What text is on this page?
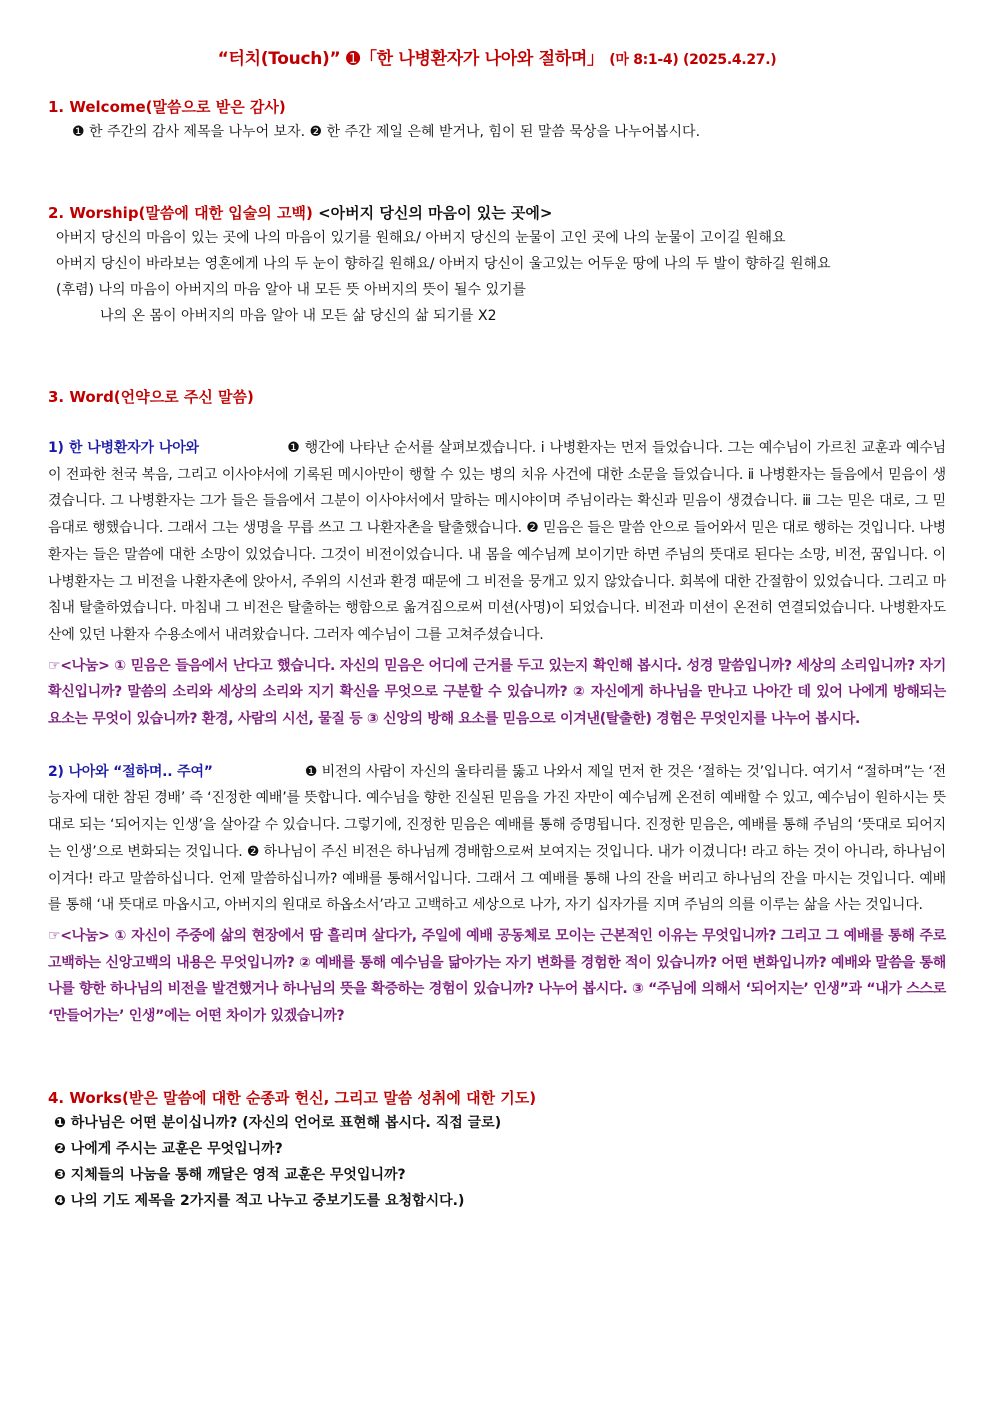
“터치(Touch)” ➊「한 나병환자가 나아와 절하며」 (마 8:1-4) (2025.4.27.)

1. Welcome(말씀으로 받은 감사)

❶ 한 주간의 감사 제목을 나누어 보자. ❷ 한 주간 제일 은혜 받거나, 힘이 된 말씀 묵상을 나누어봅시다.

2. Worship(말씀에 대한 입술의 고백) <아버지 당신의 마음이 있는 곳에>

아버지 당신의 마음이 있는 곳에 나의 마음이 있기를 원해요/ 아버지 당신의 눈물이 고인 곳에 나의 눈물이 고이길 원해요

아버지 당신이 바라보는 영혼에게 나의 두 눈이 향하길 원해요/ 아버지 당신이 울고있는 어두운 땅에 나의 두 발이 향하길 원해요

(후렴) 나의 마음이 아버지의 마음 알아 내 모든 뜻 아버지의 뜻이 될수 있기를

나의 온 몸이 아버지의 마음 알아 내 모든 삶 당신의 삶 되기를 X2

3. Word(언약으로 주신 말씀)

1) 한 나병환자가 나아와	❶ 행간에 나타난 순서를 살펴보겠습니다. ⅰ 나병환자는 먼저 들었습니다. 그는 예수님이 가르친 교훈과 예수님이 전파한 천국 복음, 그리고 이사야서에 기록된 메시아만이 행할 수 있는 병의 치유 사건에 대한 소문을 들었습니다. ⅱ 나병환자는 들음에서 믿음이 생겼습니다. 그 나병환자는 그가 들은 들음에서 그분이 이사야서에서 말하는 메시야이며 주님이라는 확신과 믿음이 생겼습니다. ⅲ 그는 믿은 대로, 그 믿음대로 행했습니다. 그래서 그는 생명을 무릅 쓰고 그 나환자촌을 탈출했습니다. ❷ 믿음은 들은 말씀 안으로 들어와서 믿은 대로 행하는 것입니다. 나병환자는 들은 말씀에 대한 소망이 있었습니다. 그것이 비전이었습니다. 내 몸을 예수님께 보이기만 하면 주님의 뜻대로 된다는 소망, 비전, 꿈입니다. 이 나병환자는 그 비전을 나환자촌에 앉아서, 주위의 시선과 환경 때문에 그 비전을 뭉개고 있지 않았습니다. 회복에 대한 간절함이 있었습니다. 그리고 마침내 탈출하였습니다. 마침내 그 비전은 탈출하는 행함으로 옮겨짐으로써 미션(사명)이 되었습니다. 비전과 미션이 온전히 연결되었습니다. 나병환자도 산에 있던 나환자 수용소에서 내려왔습니다. 그러자 예수님이 그를 고쳐주셨습니다.

☞<나눔> ① 믿음은 들음에서 난다고 했습니다. 자신의 믿음은 어디에 근거를 두고 있는지 확인해 봅시다. 성경 말씀입니까? 세상의 소리입니까? 자기 확신입니까? 말씀의 소리와 세상의 소리와 지기 확신을 무엇으로 구분할 수 있습니까? ② 자신에게 하나님을 만나고 나아간 데 있어 나에게 방해되는 요소는 무엇이 있습니까? 환경, 사람의 시선, 물질 등 ③ 신앙의 방해 요소를 믿음으로 이겨낸(탈출한) 경험은 무엇인지를 나누어 봅시다.

2) 나아와 “절하며.. 주여”	❶ 비전의 사람이 자신의 울타리를 뚫고 나와서 제일 먼저 한 것은 ‘절하는 것’입니다. 여기서 “절하며”는 ‘전능자에 대한 참된 경배’ 즉 ‘진정한 예배’를 뜻합니다. 예수님을 향한 진실된 믿음을 가진 자만이 예수님께 온전히 예배할 수 있고, 예수님이 원하시는 뜻대로 되는 ‘되어지는 인생’을 살아갈 수 있습니다. 그렇기에, 진정한 믿음은 예배를 통해 증명됩니다. 진정한 믿음은, 예배를 통해 주님의 ‘뜻대로 되어지는 인생’으로 변화되는 것입니다. ❷ 하나님이 주신 비전은 하나님께 경배함으로써 보여지는 것입니다. 내가 이겼니다! 라고 하는 것이 아니라, 하나님이 이겨다! 라고 말씀하십니다. 언제 말씀하십니까? 예배를 통해서입니다. 그래서 그 예배를 통해 나의 잔을 버리고 하나님의 잔을 마시는 것입니다. 예배를 통해 ‘내 뜻대로 마옵시고, 아버지의 원대로 하옵소서’라고 고백하고 세상으로 나가, 자기 십자가를 지며 주님의 의를 이루는 삶을 사는 것입니다.

☞<나눔> ① 자신이 주중에 삶의 현장에서 땀 흘리며 살다가, 주일에 예배 공동체로 모이는 근본적인 이유는 무엇입니까? 그리고 그 예배를 통해 주로 고백하는 신앙고백의 내용은 무엇입니까? ② 예배를 통해 예수님을 닮아가는 자기 변화를 경험한 적이 있습니까? 어떤 변화입니까? 예배와 말씀을 통해 나를 향한 하나님의 비전을 발견했거나 하나님의 뜻을 확증하는 경험이 있습니까? 나누어 봅시다. ③ “주님에 의해서 ‘되어지는’ 인생”과 “내가 스스로 ‘만들어가는’ 인생”에는 어떤 차이가 있겠습니까?

4. Works(받은 말씀에 대한 순종과 헌신, 그리고 말씀 성취에 대한 기도)

❶ 하나님은 어떤 분이십니까? (자신의 언어로 표현해 봅시다. 직접 글로)

❷ 나에게 주시는 교훈은 무엇입니까?

❸ 지체들의 나눔을 통해 깨달은 영적 교훈은 무엇입니까?

❹ 나의 기도 제목을 2가지를 적고 나누고 중보기도를 요청합시다.)
